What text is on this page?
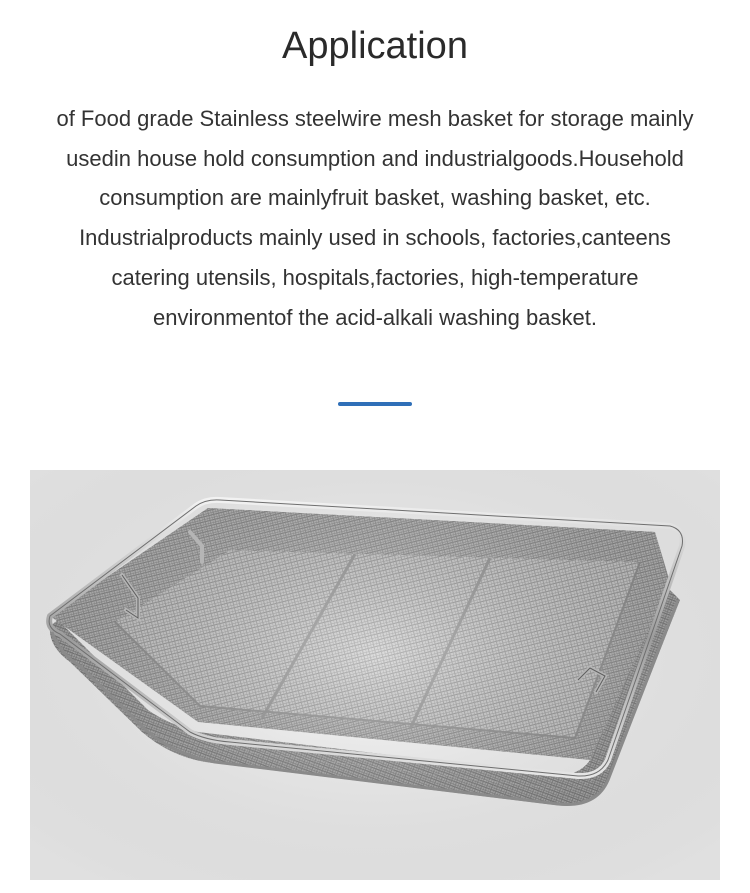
Application

of Food grade Stainless steelwire mesh basket for storage mainly usedin house hold consumption and industrialgoods.Household consumption are mainlyfruit basket, washing basket, etc. Industrialproducts mainly used in schools, factories,canteens catering utensils, hospitals,factories, high-temperature environmentof the acid-alkali washing basket.
